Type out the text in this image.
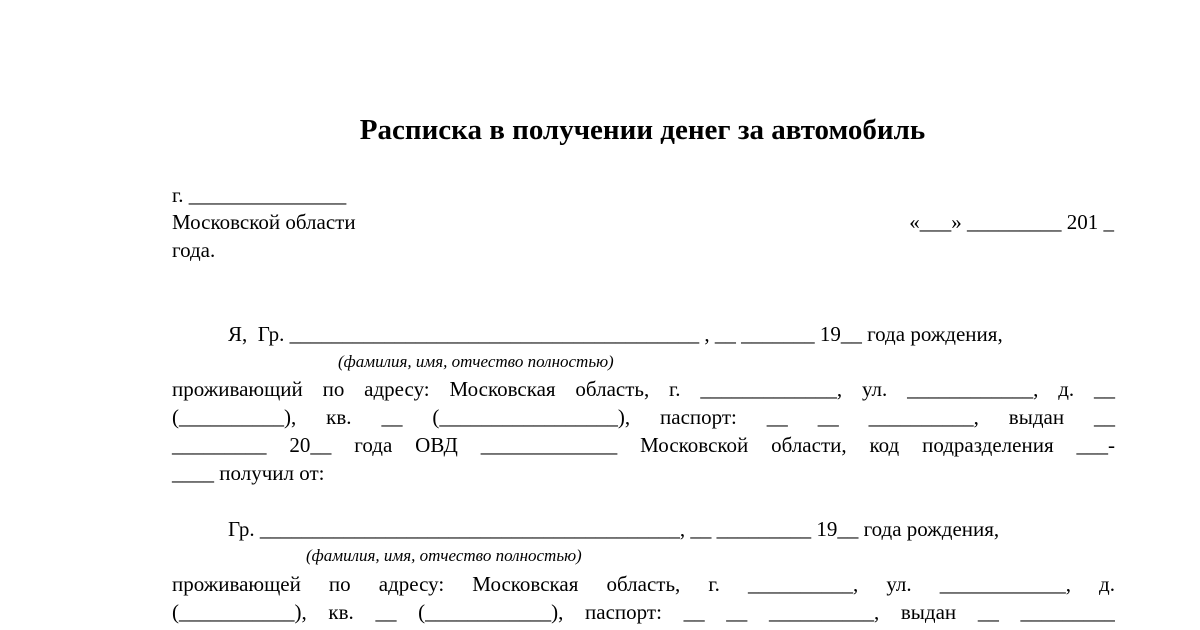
Расписка в получении денег за автомобиль
г. _______________
Московской области	«___» _________ 201 _
года.
Я,  Гр. _______________________________________ , __ _______ 19__ года рождения,
(фамилия, имя, отчество полностью)
проживающий по адресу: Московская область, г. _____________, ул. ____________, д. __
(__________), кв. __ (_________________), паспорт: __ __ __________, выдан __
_________ 20__ года ОВД _____________ Московской области, код подразделения ___-
____ получил от:
Гр. ________________________________________, __ _________ 19__ года рождения,
(фамилия, имя, отчество полностью)
проживающей по адресу: Московская область, г. __________, ул. ____________, д.
(___________), кв. __ (____________), паспорт: __ __ __________, выдан __ _________
